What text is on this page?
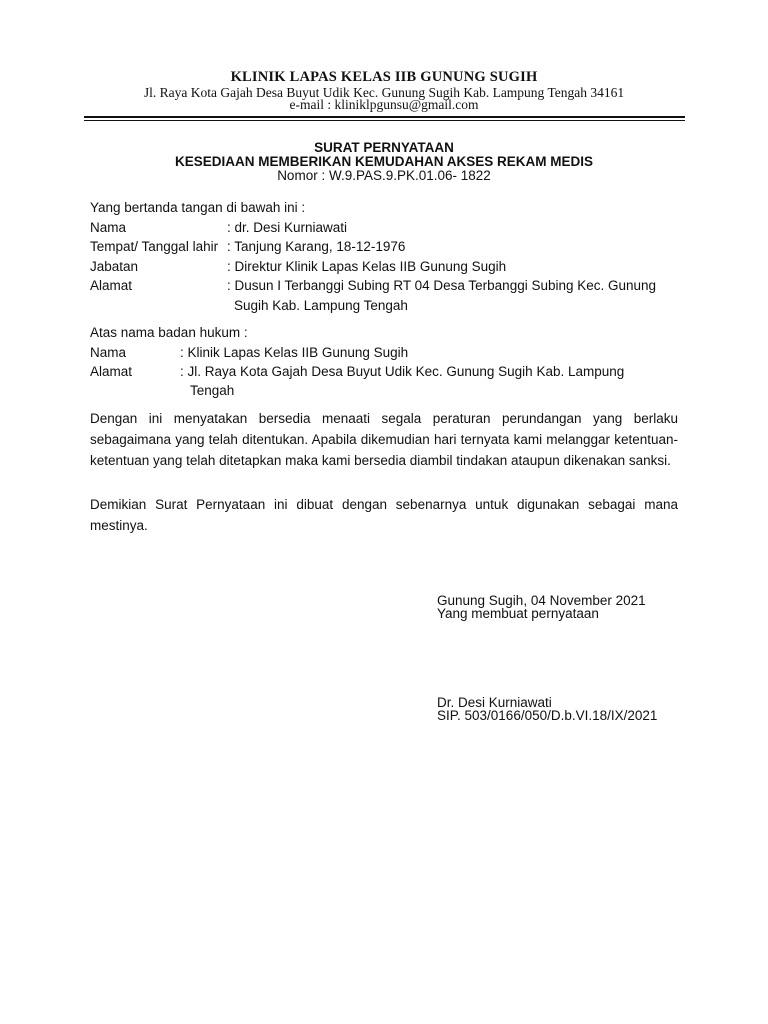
KLINIK LAPAS KELAS IIB GUNUNG SUGIH
Jl. Raya Kota Gajah Desa Buyut Udik Kec. Gunung Sugih Kab. Lampung Tengah 34161
e-mail : kliniklpgunsu@gmail.com
SURAT PERNYATAAN
KESEDIAAN MEMBERIKAN KEMUDAHAN AKSES REKAM MEDIS
Nomor : W.9.PAS.9.PK.01.06- 1822
Yang bertanda tangan di bawah ini :
Nama	: dr. Desi Kurniawati
Tempat/ Tanggal lahir : Tanjung Karang, 18-12-1976
Jabatan	: Direktur Klinik Lapas Kelas IIB Gunung Sugih
Alamat	: Dusun I Terbanggi Subing RT 04 Desa Terbanggi Subing Kec. Gunung
Sugih Kab. Lampung Tengah
Atas nama badan hukum :
Nama	: Klinik Lapas Kelas IIB Gunung Sugih
Alamat	: Jl. Raya Kota Gajah Desa Buyut Udik Kec. Gunung Sugih Kab. Lampung
Tengah
Dengan ini menyatakan bersedia menaati segala peraturan perundangan yang berlaku sebagaimana yang telah ditentukan. Apabila dikemudian hari ternyata kami melanggar ketentuan-ketentuan yang telah ditetapkan maka kami bersedia diambil tindakan ataupun dikenakan sanksi.
Demikian Surat Pernyataan ini dibuat dengan sebenarnya untuk digunakan sebagai mana mestinya.
Gunung Sugih, 04 November 2021
Yang membuat pernyataan
Dr. Desi Kurniawati
SIP. 503/0166/050/D.b.VI.18/IX/2021
